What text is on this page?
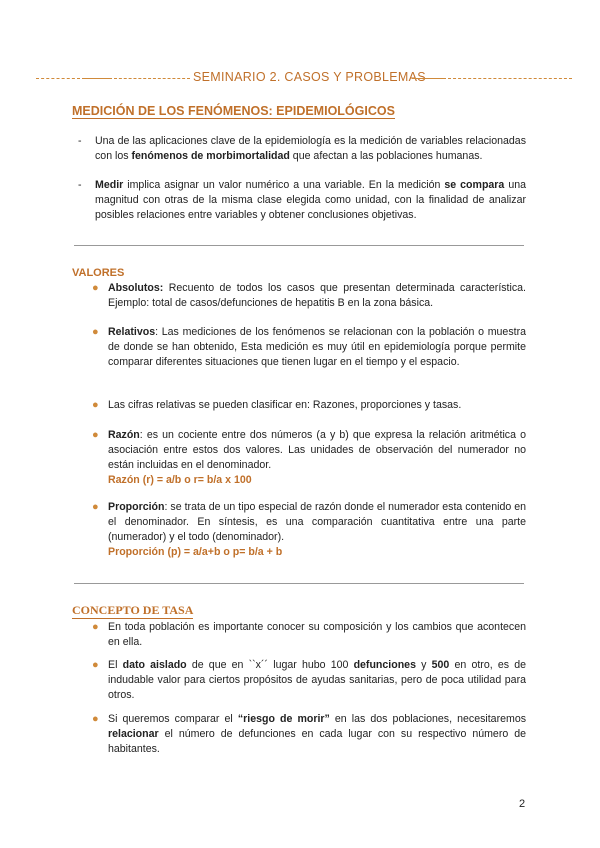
SEMINARIO 2. CASOS Y PROBLEMAS
MEDICIÓN DE LOS FENÓMENOS: EPIDEMIOLÓGICOS
- Una de las aplicaciones clave de la epidemiología es la medición de variables relacionadas con los fenómenos de morbimortalidad que afectan a las poblaciones humanas.
- Medir implica asignar un valor numérico a una variable. En la medición se compara una magnitud con otras de la misma clase elegida como unidad, con la finalidad de analizar posibles relaciones entre variables y obtener conclusiones objetivas.
VALORES
● Absolutos: Recuento de todos los casos que presentan determinada característica. Ejemplo: total de casos/defunciones de hepatitis B en la zona básica.
● Relativos: Las mediciones de los fenómenos se relacionan con la población o muestra de donde se han obtenido, Esta medición es muy útil en epidemiología porque permite comparar diferentes situaciones que tienen lugar en el tiempo y el espacio.
● Las cifras relativas se pueden clasificar en: Razones, proporciones y tasas.
● Razón: es un cociente entre dos números (a y b) que expresa la relación aritmética o asociación entre estos dos valores. Las unidades de observación del numerador no están incluidas en el denominador.
Razón (r) = a/b o r= b/a x 100
● Proporción: se trata de un tipo especial de razón donde el numerador esta contenido en el denominador. En síntesis, es una comparación cuantitativa entre una parte (numerador) y el todo (denominador).
Proporción (p) = a/a+b o p= b/a + b
CONCEPTO DE TASA
● En toda población es importante conocer su composición y los cambios que acontecen en ella.
● El dato aislado de que en ``x´´ lugar hubo 100 defunciones y 500 en otro, es de indudable valor para ciertos propósitos de ayudas sanitarias, pero de poca utilidad para otros.
● Si queremos comparar el “riesgo de morir” en las dos poblaciones, necesitaremos relacionar el número de defunciones en cada lugar con su respectivo número de habitantes.
2
